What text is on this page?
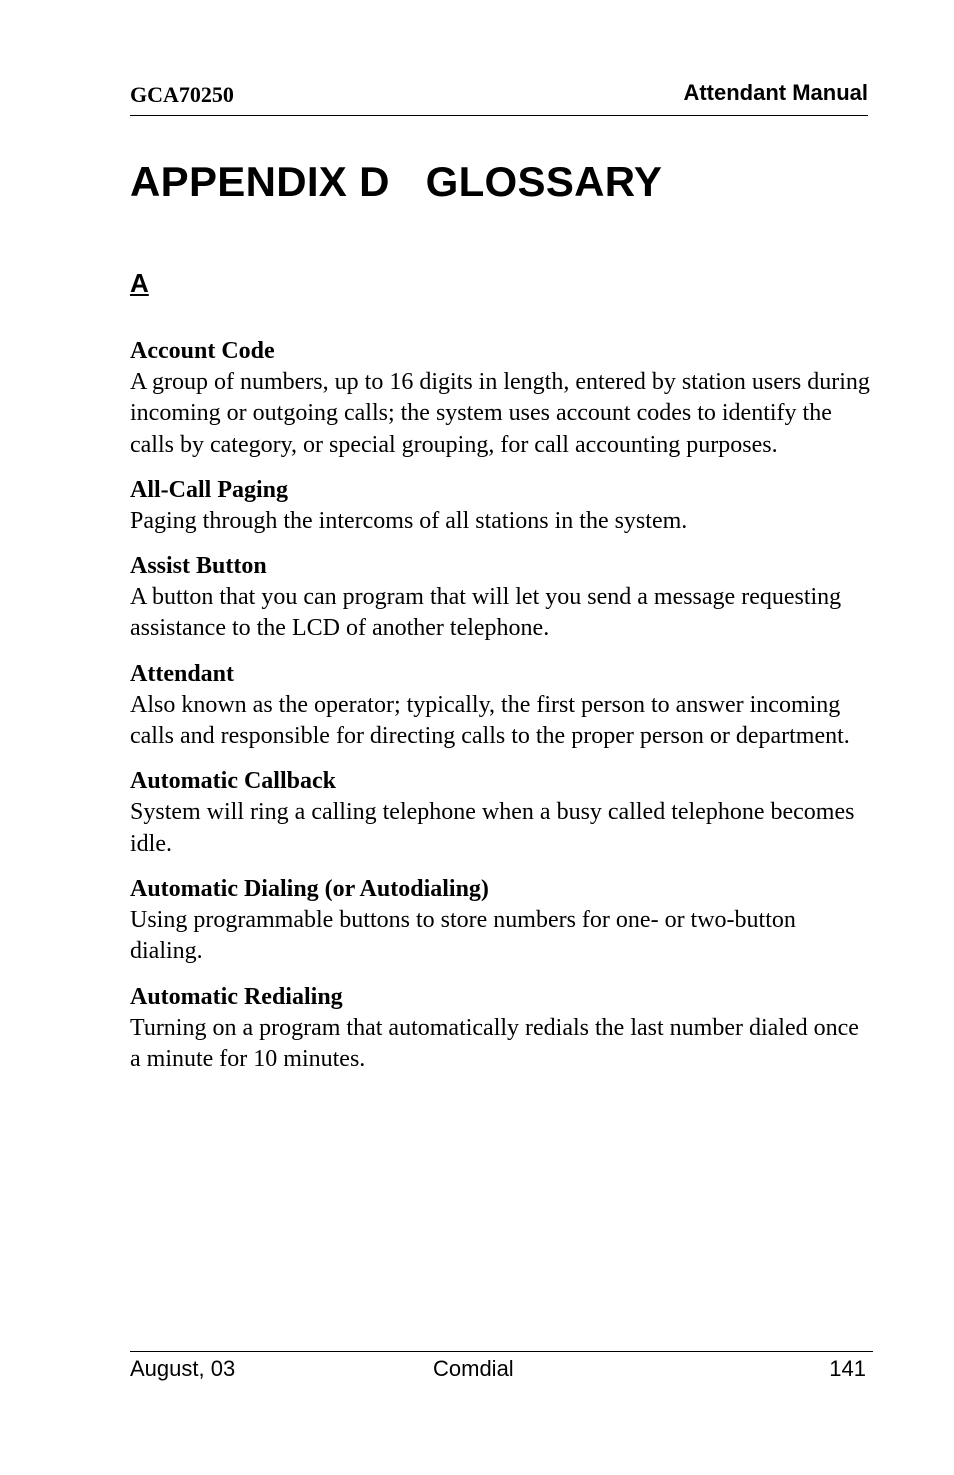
GCA70250	Attendant Manual
APPENDIX D   GLOSSARY
A
Account Code
A group of numbers, up to 16 digits in length, entered by station users during incoming or outgoing calls; the system uses account codes to identify the calls by category, or special grouping, for call accounting purposes.
All-Call Paging
Paging through the intercoms of all stations in the system.
Assist Button
A button that you can program that will let you send a message requesting assistance to the LCD of another telephone.
Attendant
Also known as the operator; typically, the first person to answer incoming calls and responsible for directing calls to the proper person or department.
Automatic Callback
System will ring a calling telephone when a busy called telephone becomes idle.
Automatic Dialing (or Autodialing)
Using programmable buttons to store numbers for one- or two-button dialing.
Automatic Redialing
Turning on a program that automatically redials the last number dialed once a minute for 10 minutes.
August, 03	Comdial	141
